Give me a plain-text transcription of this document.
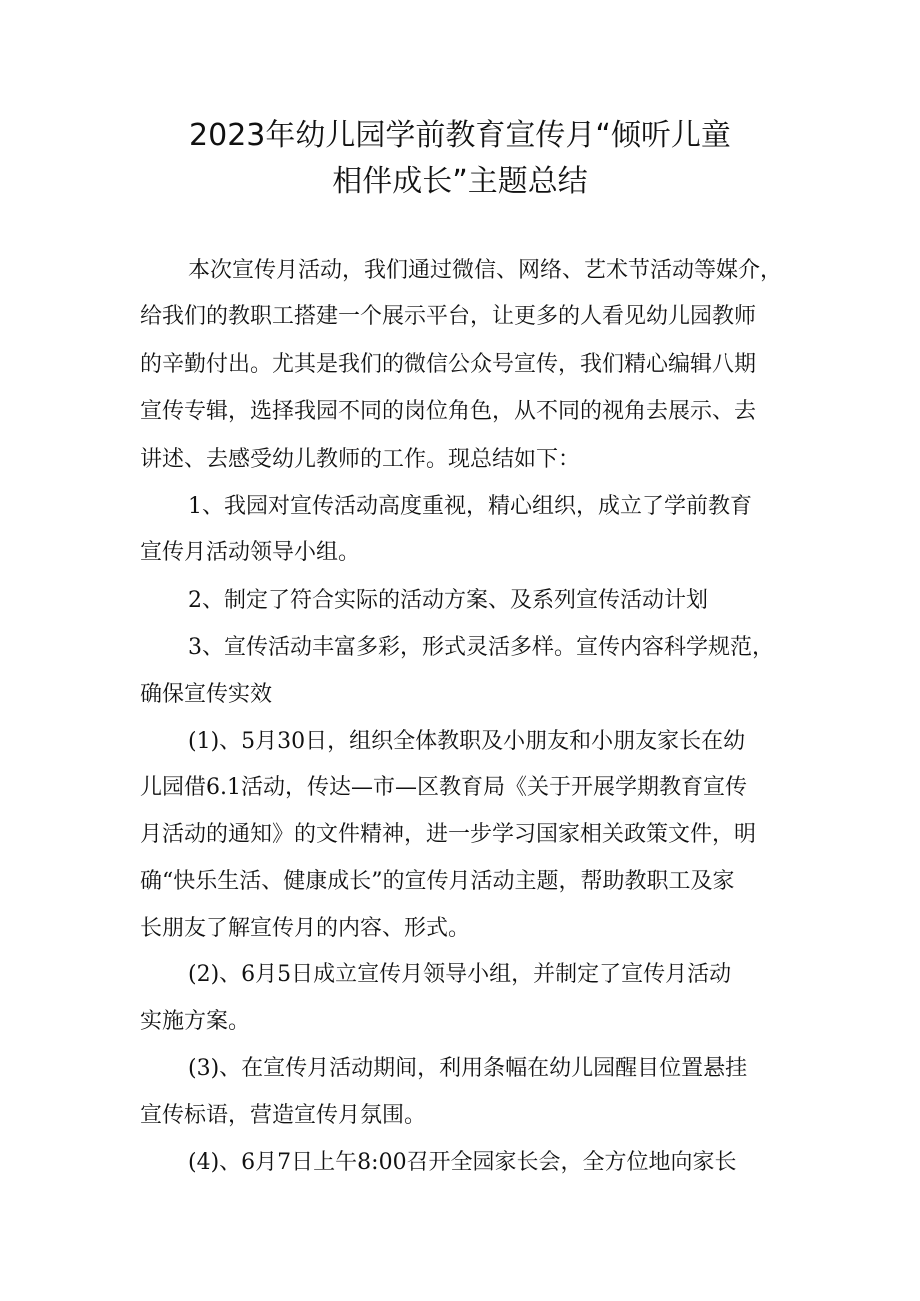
2023年幼儿园学前教育宣传月“倾听儿童
相伴成长”主题总结
本次宣传月活动，我们通过微信、网络、艺术节活动等媒介，
给我们的教职工搭建一个展示平台，让更多的人看见幼儿园教师
的辛勤付出。尤其是我们的微信公众号宣传，我们精心编辑八期
宣传专辑，选择我园不同的岗位角色，从不同的视角去展示、去
讲述、去感受幼儿教师的工作。现总结如下：
1、我园对宣传活动高度重视，精心组织，成立了学前教育
宣传月活动领导小组。
2、制定了符合实际的活动方案、及系列宣传活动计划
3、宣传活动丰富多彩，形式灵活多样。宣传内容科学规范，
确保宣传实效
(1)、5月30日，组织全体教职及小朋友和小朋友家长在幼
儿园借6.1活动，传达—市—区教育局《关于开展学期教育宣传
月活动的通知》的文件精神，进一步学习国家相关政策文件，明
确“快乐生活、健康成长”的宣传月活动主题，帮助教职工及家
长朋友了解宣传月的内容、形式。
(2)、6月5日成立宣传月领导小组，并制定了宣传月活动
实施方案。
(3)、在宣传月活动期间，利用条幅在幼儿园醒目位置悬挂
宣传标语，营造宣传月氛围。
(4)、6月7日上午8:00召开全园家长会，全方位地向家长
